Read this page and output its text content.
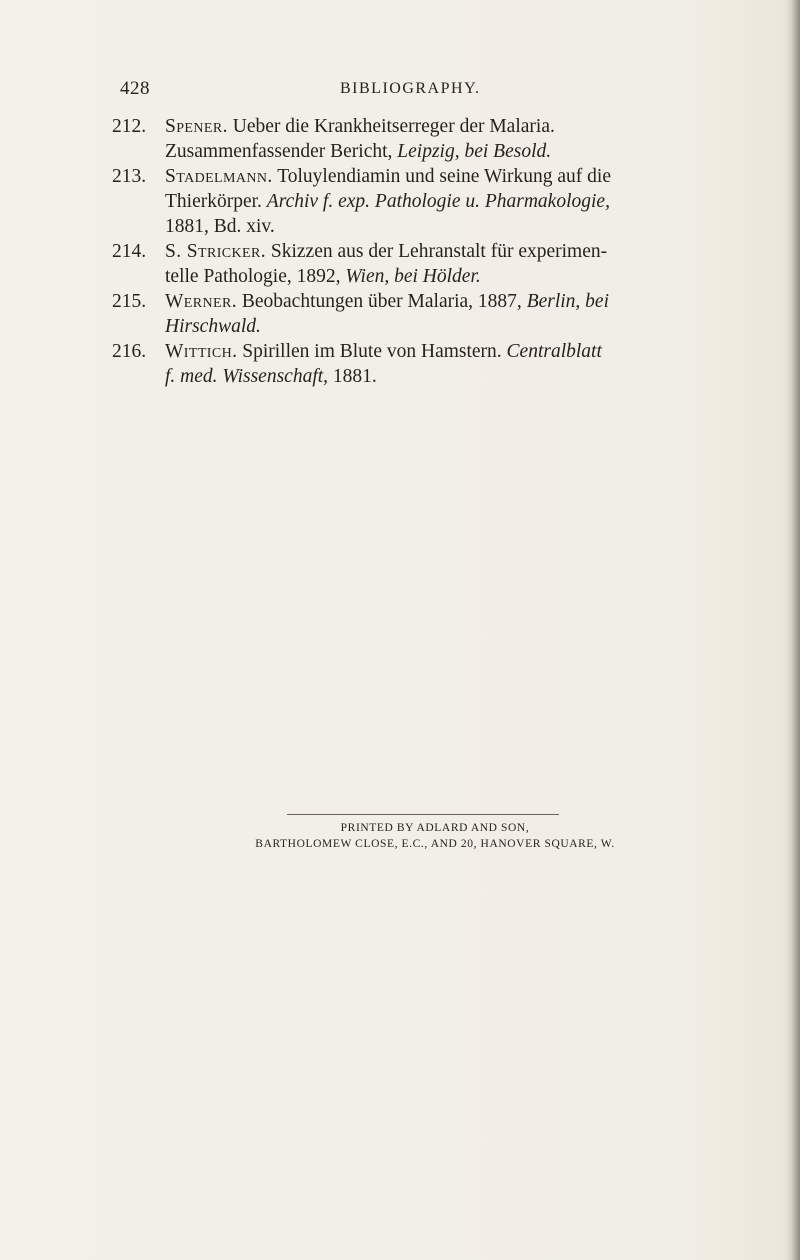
428	BIBLIOGRAPHY.
212. Spener. Ueber die Krankheitserreger der Malaria.
Zusammenfassender Bericht, Leipzig, bei Besold.
213. Stadelmann. Toluylendiamin und seine Wirkung auf die
Thierkörper. Archiv f. exp. Pathologie u. Pharmakologie,
1881, Bd. xiv.
214. S. Stricker. Skizzen aus der Lehranstalt für experimen-
telle Pathologie, 1892, Wien, bei Hölder.
215. Werner. Beobachtungen über Malaria, 1887, Berlin, bei
Hirschwald.
216. Wittich. Spirillen im Blute von Hamstern. Centralblatt
f. med. Wissenschaft, 1881.
PRINTED BY ADLARD AND SON,
BARTHOLOMEW CLOSE, E.C., AND 20, HANOVER SQUARE, W.
